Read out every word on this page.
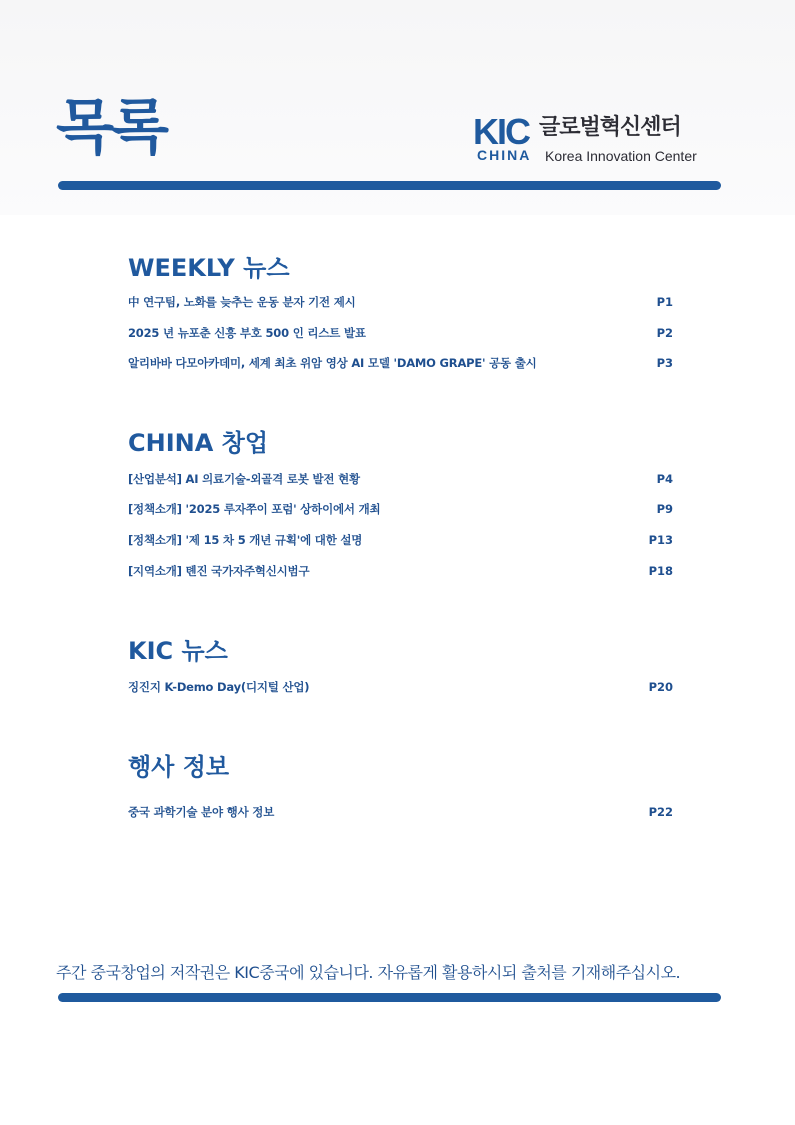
목록	KIC 글로벌혁신센터
CHINA Korea Innovation Center
WEEKLY 뉴스
中 연구팀, 노화를 늦추는 운동 분자 기전 제시	P1
2025 년 뉴포춘 신흥 부호 500 인 리스트 발표	P2
알리바바 다모아카데미, 세계 최초 위암 영상 AI 모델 'DAMO GRAPE' 공동 출시	P3
CHINA 창업
[산업분석] AI 의료기술-외골격 로봇 발전 현황	P4
[정책소개] '2025 루자쭈이 포럼' 상하이에서 개최	P9
[정책소개] '제 15 차 5 개년 규획'에 대한 설명	P13
[지역소개] 톈진 국가자주혁신시범구	P18
KIC 뉴스
징진지 K-Demo Day(디지털 산업)	P20
행사 정보
중국 과학기술 분야 행사 정보	P22
주간 중국창업의 저작권은 KIC중국에 있습니다. 자유롭게 활용하시되 출처를 기재해주십시오.
